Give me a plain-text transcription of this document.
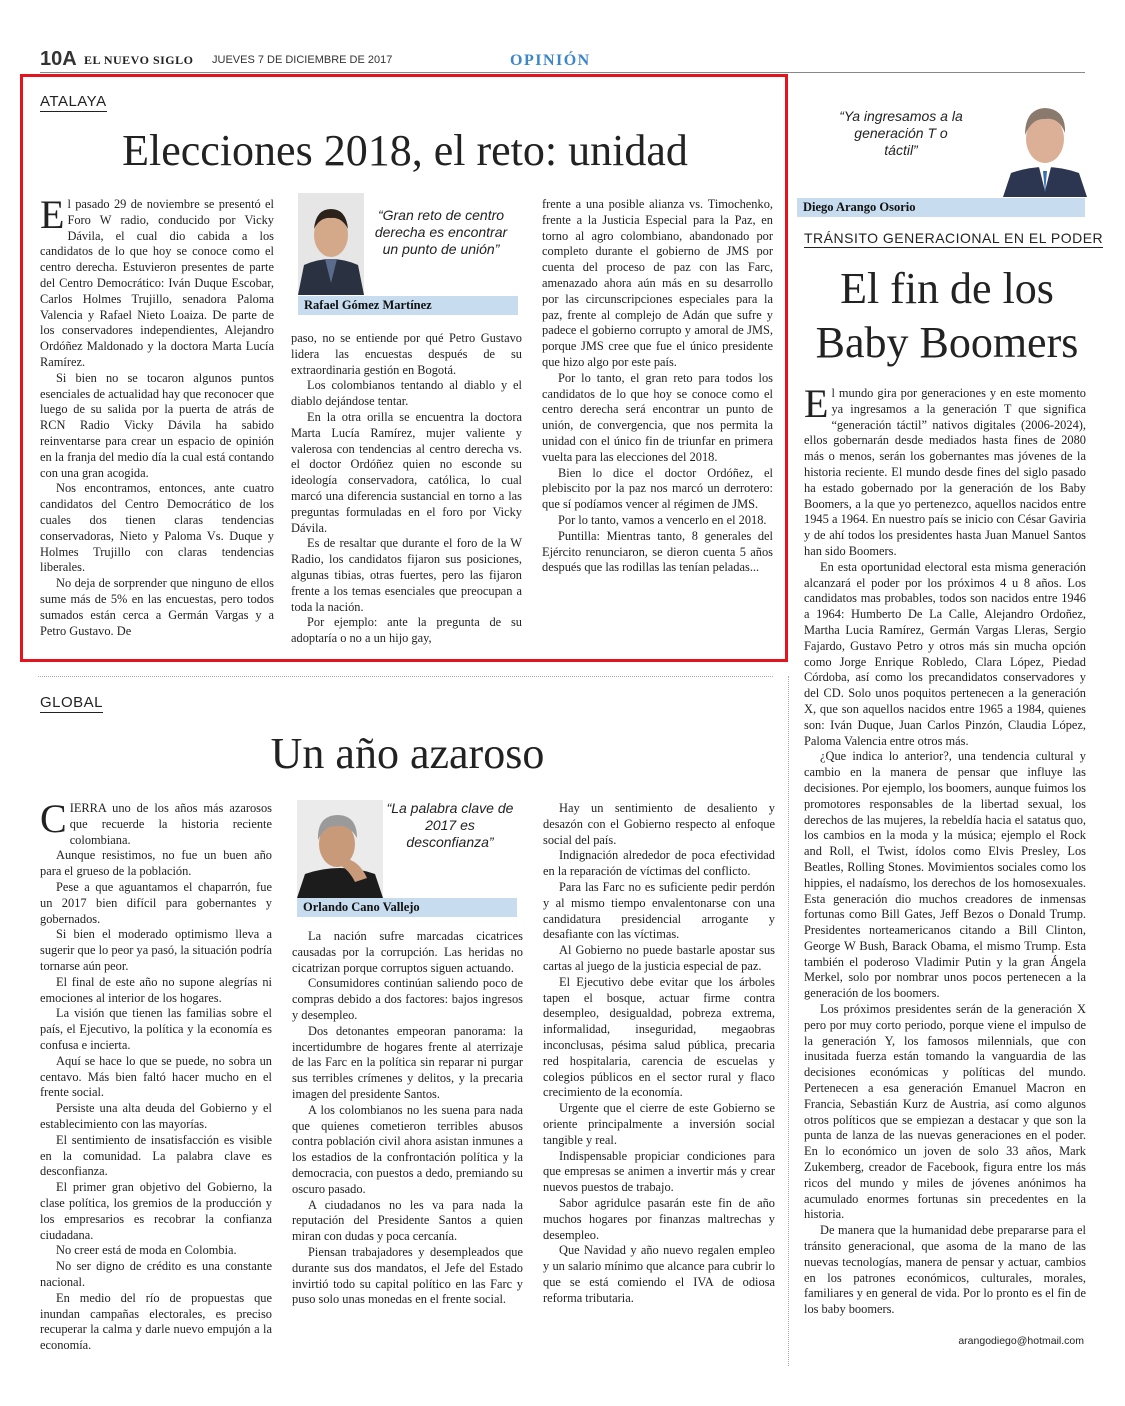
10A EL NUEVO SIGLO JUEVES 7 DE DICIEMBRE DE 2017	OPINIÓN
ATALAYA
Elecciones 2018, el reto: unidad

El pasado 29 de noviembre se presentó el Foro W radio, conducido por Vicky Dávila, el cual dio cabida a los candidatos de lo que hoy se conoce como el centro derecha. Estuvieron presentes de parte del Centro Democrático: Iván Duque Escobar, Carlos Holmes Trujillo, senadora Paloma Valencia y Rafael Nieto Loaiza. De parte de los conservadores independientes, Alejandro Ordóñez Maldonado y la doctora Marta Lucía Ramírez.

Si bien no se tocaron algunos puntos esenciales de actualidad hay que reconocer que luego de su salida por la puerta de atrás de RCN Radio Vicky Dávila ha sabido reinventarse para crear un espacio de opinión en la franja del medio día la cual está contando con una gran acogida.

Nos encontramos, entonces, ante cuatro candidatos del Centro Democrático de los cuales dos tienen claras tendencias conservadoras, Nieto y Paloma Vs. Duque y Holmes Trujillo con claras tendencias liberales.

No deja de sorprender que ninguno de ellos sume más de 5% en las encuestas, pero todos sumados están cerca a Germán Vargas y a Petro Gustavo. De

“Gran reto de centro derecha es encontrar un punto de unión”
Rafael Gómez Martínez

paso, no se entiende por qué Petro Gustavo lidera las encuestas después de su extraordinaria gestión en Bogotá.

Los colombianos tentando al diablo y el diablo dejándose tentar.

En la otra orilla se encuentra la doctora Marta Lucía Ramírez, mujer valiente y valerosa con tendencias al centro derecha vs. el doctor Ordóñez quien no esconde su ideología conservadora, católica, lo cual marcó una diferencia sustancial en torno a las preguntas formuladas en el foro por Vicky Dávila.

Es de resaltar que durante el foro de la W Radio, los candidatos fijaron sus posiciones, algunas tibias, otras fuertes, pero las fijaron frente a los temas esenciales que preocupan a toda la nación.

Por ejemplo: ante la pregunta de su adoptaría o no a un hijo gay,

frente a una posible alianza vs. Timochenko, frente a la Justicia Especial para la Paz, en torno al agro colombiano, abandonado por completo durante el gobierno de JMS por cuenta del proceso de paz con las Farc, amenazado ahora aún más en su desarrollo por las circunscripciones especiales para la paz, frente al complejo de Adán que sufre y padece el gobierno corrupto y amoral de JMS, porque JMS cree que fue el único presidente que hizo algo por este país.

Por lo tanto, el gran reto para todos los candidatos de lo que hoy se conoce como el centro derecha será encontrar un punto de unión, de convergencia, que nos permita la unidad con el único fin de triunfar en primera vuelta para las elecciones del 2018.

Bien lo dice el doctor Ordóñez, el plebiscito por la paz nos marcó un derrotero: que sí podíamos vencer al régimen de JMS.

Por lo tanto, vamos a vencerlo en el 2018.

Puntilla: Mientras tanto, 8 generales del Ejército renunciaron, se dieron cuenta 5 años después que las rodillas las tenían peladas...

GLOBAL
Un año azaroso

CIERRA uno de los años más azarosos que recuerde la historia reciente colombiana.

Aunque resistimos, no fue un buen año para el grueso de la población.

Pese a que aguantamos el chaparrón, fue un 2017 bien difícil para gobernantes y gobernados.

Si bien el moderado optimismo lleva a sugerir que lo peor ya pasó, la situación podría tornarse aún peor.

El final de este año no supone alegrías ni emociones al interior de los hogares.

La visión que tienen las familias sobre el país, el Ejecutivo, la política y la economía es confusa e incierta.

Aquí se hace lo que se puede, no sobra un centavo. Más bien faltó hacer mucho en el frente social.

Persiste una alta deuda del Gobierno y el establecimiento con las mayorías.

El sentimiento de insatisfacción es visible en la comunidad. La palabra clave es desconfianza.

El primer gran objetivo del Gobierno, la clase política, los gremios de la producción y los empresarios es recobrar la confianza ciudadana.

No creer está de moda en Colombia.

No ser digno de crédito es una constante nacional.

En medio del río de propuestas que inundan campañas electorales, es preciso recuperar la calma y darle nuevo empujón a la economía.

“La palabra clave de 2017 es desconfianza”
Orlando Cano Vallejo

La nación sufre marcadas cicatrices causadas por la corrupción. Las heridas no cicatrizan porque corruptos siguen actuando.

Consumidores continúan saliendo poco de compras debido a dos factores: bajos ingresos y desempleo.

Dos detonantes empeoran panorama: la incertidumbre de hogares frente al aterrizaje de las Farc en la política sin reparar ni purgar sus terribles crímenes y delitos, y la precaria imagen del presidente Santos.

A los colombianos no les suena para nada que quienes cometieron terribles abusos contra población civil ahora asistan inmunes a los estadios de la confrontación política y la democracia, con puestos a dedo, premiando su oscuro pasado.

A ciudadanos no les va para nada la reputación del Presidente Santos a quien miran con dudas y poca cercanía.

Piensan trabajadores y desempleados que durante sus dos mandatos, el Jefe del Estado invirtió todo su capital político en las Farc y puso solo unas monedas en el frente social.

Hay un sentimiento de desaliento y desazón con el Gobierno respecto al enfoque social del país.

Indignación alrededor de poca efectividad en la reparación de víctimas del conflicto.

Para las Farc no es suficiente pedir perdón y al mismo tiempo envalentonarse con una candidatura presidencial arrogante y desafiante con las víctimas.

Al Gobierno no puede bastarle apostar sus cartas al juego de la justicia especial de paz.

El Ejecutivo debe evitar que los árboles tapen el bosque, actuar firme contra desempleo, desigualdad, pobreza extrema, informalidad, inseguridad, megaobras inconclusas, pésima salud pública, precaria red hospitalaria, carencia de escuelas y colegios públicos en el sector rural y flaco crecimiento de la economía.

Urgente que el cierre de este Gobierno se oriente principalmente a inversión social tangible y real.

Indispensable propiciar condiciones para que empresas se animen a invertir más y crear nuevos puestos de trabajo.

Sabor agridulce pasarán este fin de año muchos hogares por finanzas maltrechas y desempleo.

Que Navidad y año nuevo regalen empleo y un salario mínimo que alcance para cubrir lo que se está comiendo el IVA de odiosa reforma tributaria.

“Ya ingresamos a la generación T o táctil”
Diego Arango Osorio
TRÁNSITO GENERACIONAL EN EL PODER
El fin de los
Baby Boomers

El mundo gira por generaciones y en este momento ya ingresamos a la generación T que significa “generación táctil” nativos digitales (2006-2024), ellos gobernarán desde mediados hasta fines de 2080 más o menos, serán los gobernantes mas jóvenes de la historia reciente. El mundo desde fines del siglo pasado ha estado gobernado por la generación de los Baby Boomers, a la que yo pertenezco, aquellos nacidos entre 1945 a 1964. En nuestro país se inicio con César Gaviria y de ahí todos los presidentes hasta Juan Manuel Santos han sido Boomers.

En esta oportunidad electoral esta misma generación alcanzará el poder por los próximos 4 u 8 años. Los candidatos mas probables, todos son nacidos entre 1946 a 1964: Humberto De La Calle, Alejandro Ordoñez, Martha Lucia Ramírez, Germán Vargas Lleras, Sergio Fajardo, Gustavo Petro y otros más sin mucha opción como Jorge Enrique Robledo, Clara López, Piedad Córdoba, así como los precandidatos conservadores y del CD. Solo unos poquitos pertenecen a la generación X, que son aquellos nacidos entre 1965 a 1984, quienes son: Iván Duque, Juan Carlos Pinzón, Claudia López, Paloma Valencia entre otros más.

¿Que indica lo anterior?, una tendencia cultural y cambio en la manera de pensar que influye las decisiones. Por ejemplo, los boomers, aunque fuimos los promotores responsables de la libertad sexual, los derechos de las mujeres, la rebeldía hacia el satatus quo, los cambios en la moda y la música; ejemplo el Rock and Roll, el Twist, ídolos como Elvis Presley, Los Beatles, Rolling Stones. Movimientos sociales como los hippies, el nadaísmo, los derechos de los homosexuales. Esta generación dio muchos creadores de inmensas fortunas como Bill Gates, Jeff Bezos o Donald Trump. Presidentes norteamericanos citando a Bill Clinton, George W Bush, Barack Obama, el mismo Trump. Esta también el poderoso Vladimir Putin y la gran Ángela Merkel, solo por nombrar unos pocos pertenecen a la generación de los boomers.

Los próximos presidentes serán de la generación X pero por muy corto periodo, porque viene el impulso de la generación Y, los famosos milennials, que con inusitada fuerza están tomando la vanguardia de las decisiones económicas y políticas del mundo. Pertenecen a esa generación Emanuel Macron en Francia, Sebastián Kurz de Austria, así como algunos otros políticos que se empiezan a destacar y que son la punta de lanza de las nuevas generaciones en el poder. En lo económico un joven de solo 33 años, Mark Zukemberg, creador de Facebook, figura entre los más ricos del mundo y miles de jóvenes anónimos ha acumulado enormes fortunas sin precedentes en la historia.

De manera que la humanidad debe prepararse para el tránsito generacional, que asoma de la mano de las nuevas tecnologías, manera de pensar y actuar, cambios en los patrones económicos, culturales, morales, familiares y en general de vida. Por lo pronto es el fin de los baby boomers.

arangodiego@hotmail.com
